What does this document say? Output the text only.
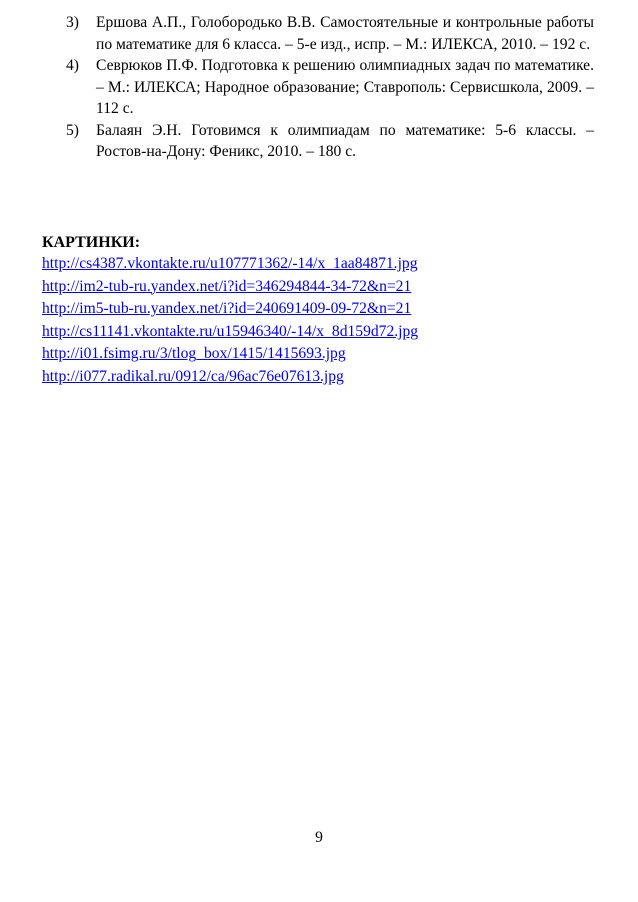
3)	Ершова А.П., Голобородько В.В. Самостоятельные и контрольные работы по математике для 6 класса. – 5-е изд., испр. – М.: ИЛЕКСА, 2010. – 192 с.
4)	Севрюков П.Ф. Подготовка к решению олимпиадных задач по математике. – М.: ИЛЕКСА; Народное образование; Ставрополь: Сервисшкола, 2009. – 112 с.
5)	Балаян Э.Н. Готовимся к олимпиадам по математике: 5-6 классы. – Ростов-на-Дону: Феникс, 2010. – 180 с.
КАРТИНКИ:
http://cs4387.vkontakte.ru/u107771362/-14/x_1aa84871.jpg
http://im2-tub-ru.yandex.net/i?id=346294844-34-72&n=21
http://im5-tub-ru.yandex.net/i?id=240691409-09-72&n=21
http://cs11141.vkontakte.ru/u15946340/-14/x_8d159d72.jpg
http://i01.fsimg.ru/3/tlog_box/1415/1415693.jpg
http://i077.radikal.ru/0912/ca/96ac76e07613.jpg
9
